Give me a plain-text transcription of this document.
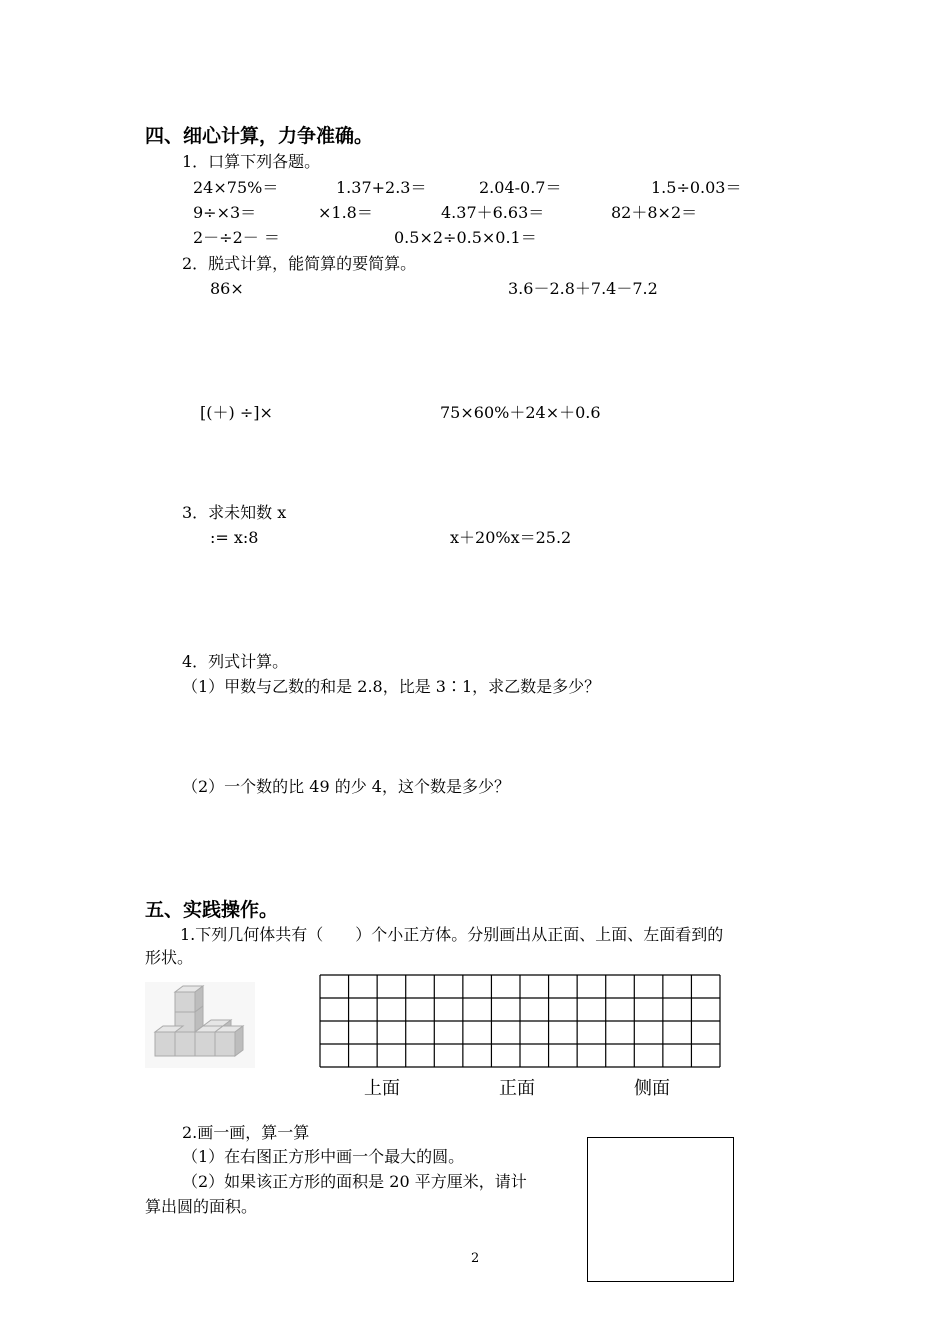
四、细心计算，力争准确。
1．口算下列各题。
24×75%＝	1.37+2.3＝	2.04-0.7＝	1.5÷0.03＝
9÷×3＝	×1.8＝	4.37＋6.63＝	82＋8×2＝
2－÷2－ ＝	0.5×2÷0.5×0.1＝
2．脱式计算，能简算的要简算。
86×	3.6－2.8＋7.4－7.2
[(＋) ÷]×	75×60%＋24×＋0.6
3．求未知数 x
:= x:8	x＋20%x＝25.2
4．列式计算。
（1）甲数与乙数的和是 2.8，比是 3∶1，求乙数是多少？
（2）一个数的比 49 的少 4，这个数是多少？
五、实践操作。
1.下列几何体共有（　　）个小正方体。分别画出从正面、上面、左面看到的
形状。
上面	正面	侧面
2.画一画，算一算
（1）在右图正方形中画一个最大的圆。
（2）如果该正方形的面积是 20 平方厘米，请计
算出圆的面积。
2
